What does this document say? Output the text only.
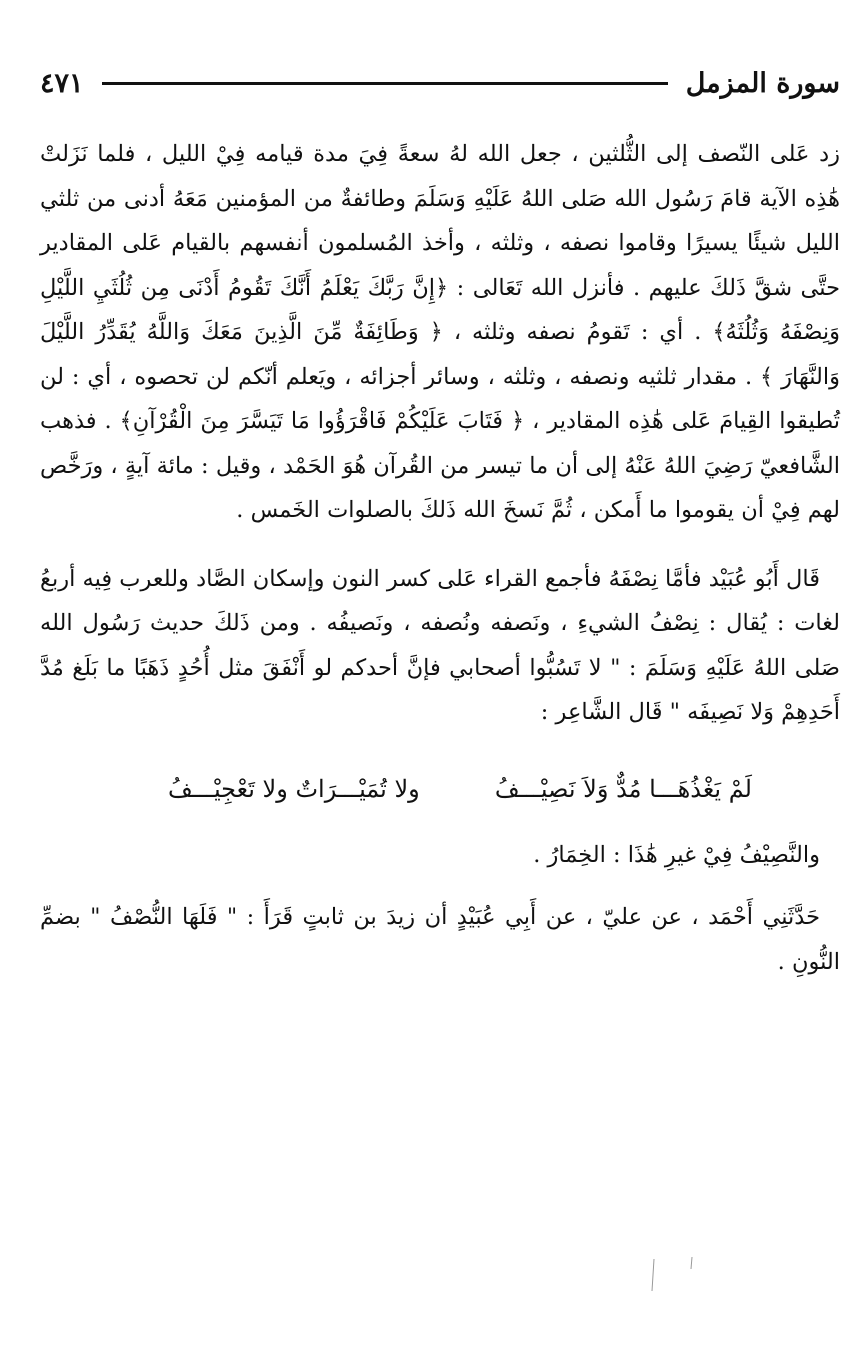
سورة المزمل
٤٧١

زد عَلى النّصف إلى الثُّلثين ، جعل الله لهُ سعةً فِيَ مدة قيامه فِيْ الليل ، فلما نَزَلتْ هَٰذِه الآية قامَ رَسُول الله صَلى اللهُ عَلَيْهِ وَسَلَمَ وطائفةٌ من المؤمنين مَعَهُ أدنى من ثلثي الليل شيئًا يسيرًا وقاموا نصفه ، وثلثه ، وأخذ المُسلمون أنفسهم بالقيام عَلى المقادير حتَّى شقَّ ذَلكَ عليهم . فأنزل الله تَعَالى : ﴿إِنَّ رَبَّكَ يَعْلَمُ أَنَّكَ تَقُومُ أَدْنَى مِن ثُلُثَيِ اللَّيْلِ وَنِصْفَهُ وَثُلُثَهُ﴾ . أي : تَقومُ نصفه وثلثه ، ﴿ وَطَائِفَةٌ مِّنَ الَّذِينَ مَعَكَ وَاللَّهُ يُقَدِّرُ اللَّيْلَ وَالنَّهَارَ ﴾ . مقدار ثلثيه ونصفه ، وثلثه ، وسائر أجزائه ، ويَعلم أنّكم لن تحصوه ، أي : لن تُطيقوا القِيامَ عَلى هَٰذِه المقادير ، ﴿ فَتَابَ عَلَيْكُمْ فَاقْرَؤُوا مَا تَيَسَّرَ مِنَ الْقُرْآنِ﴾ . فذهب الشَّافعيّ رَضِيَ اللهُ عَنْهُ إلى أن ما تيسر من القُرآن هُوَ الحَمْد ، وقيل : مائة آيةٍ ، ورَخَّص لهم فِيْ أن يقوموا ما أَمكن ، ثُمَّ نَسخَ الله ذَلكَ بالصلوات الخَمس .

قَال أَبُو عُبَيْد فأمَّا نِصْفَهُ فأجمع القراء عَلى كسر النون وإسكان الصَّاد وللعرب فِيه أربعُ لغات : يُقال : نِصْفُ الشيءِ ، ونَصفه ونُصفه ، ونَصيفُه . ومن ذَلكَ حديث رَسُول الله صَلى اللهُ عَلَيْهِ وَسَلَمَ : " لا تَسُبُّوا أصحابي فإنَّ أحدكم لو أَنْفَقَ مثل أُحُدٍ ذَهَبًا ما بَلَغ مُدَّ أَحَدِهِمْ وَلا نَصِيفَه " قَال الشَّاعِر :

لَمْ يَغْذُهَـــا مُدٌّ وَلاَ نَصِيْـــفُ
ولا تُمَيْـــرَاتٌ ولا تَعْجِيْـــفُ

والنَّصِيْفُ فِيْ غيرِ هَٰذَا : الخِمَارُ .

حَدَّثَنِي أَحْمَد ، عن عليّ ، عن أَبِي عُبَيْدٍ أن زيدَ بن ثابتٍ قَرَأَ : " فَلَهَا النُّصْفُ " بضمِّ النُّونِ .
